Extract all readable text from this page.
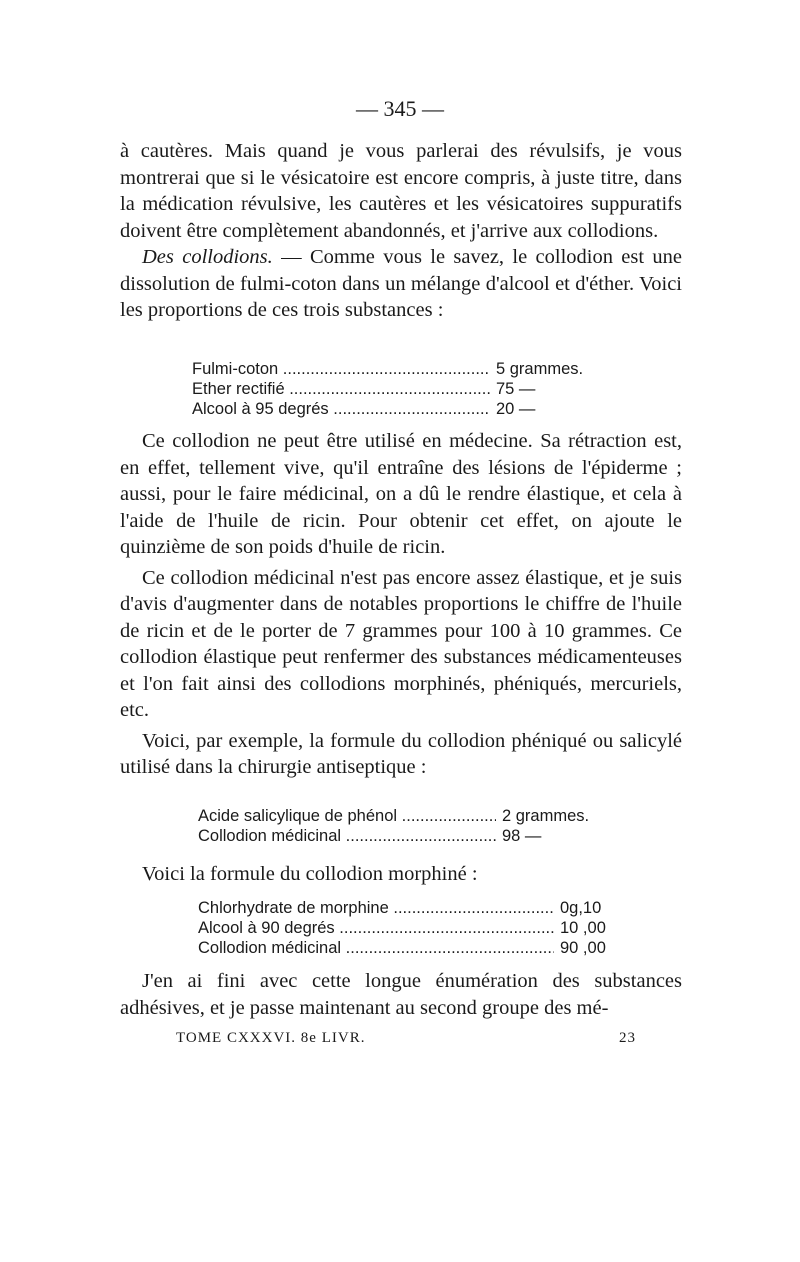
— 345 —

à cautères. Mais quand je vous parlerai des révulsifs, je vous montrerai que si le vésicatoire est encore compris, à juste titre, dans la médication révulsive, les cautères et les vésicatoires suppuratifs doivent être complètement abandonnés, et j'arrive aux collodions.

Des collodions. — Comme vous le savez, le collodion est une dissolution de fulmi-coton dans un mélange d'alcool et d'éther. Voici les proportions de ces trois substances :

Fulmi-coton .....	5 grammes.
Ether rectifié .....	75 —
Alcool à 95 degrés .....	20 —

Ce collodion ne peut être utilisé en médecine. Sa rétraction est, en effet, tellement vive, qu'il entraîne des lésions de l'épiderme ; aussi, pour le faire médicinal, on a dû le rendre élastique, et cela à l'aide de l'huile de ricin. Pour obtenir cet effet, on ajoute le quinzième de son poids d'huile de ricin.

Ce collodion médicinal n'est pas encore assez élastique, et je suis d'avis d'augmenter dans de notables proportions le chiffre de l'huile de ricin et de le porter de 7 grammes pour 100 à 10 grammes. Ce collodion élastique peut renfermer des substances médicamenteuses et l'on fait ainsi des collodions morphinés, phéniqués, mercuriels, etc.

Voici, par exemple, la formule du collodion phéniqué ou salicylé utilisé dans la chirurgie antiseptique :

Acide salicylique de phénol .....	2 grammes.
Collodion médicinal .....	98 —

Voici la formule du collodion morphiné :

Chlorhydrate de morphine .....	0g,10
Alcool à 90 degrés .....	10 ,00
Collodion médicinal .....	90 ,00

J'en ai fini avec cette longue énumération des substances adhésives, et je passe maintenant au second groupe des mé-

TOME CXXXVI. 8e LIVR.	23
